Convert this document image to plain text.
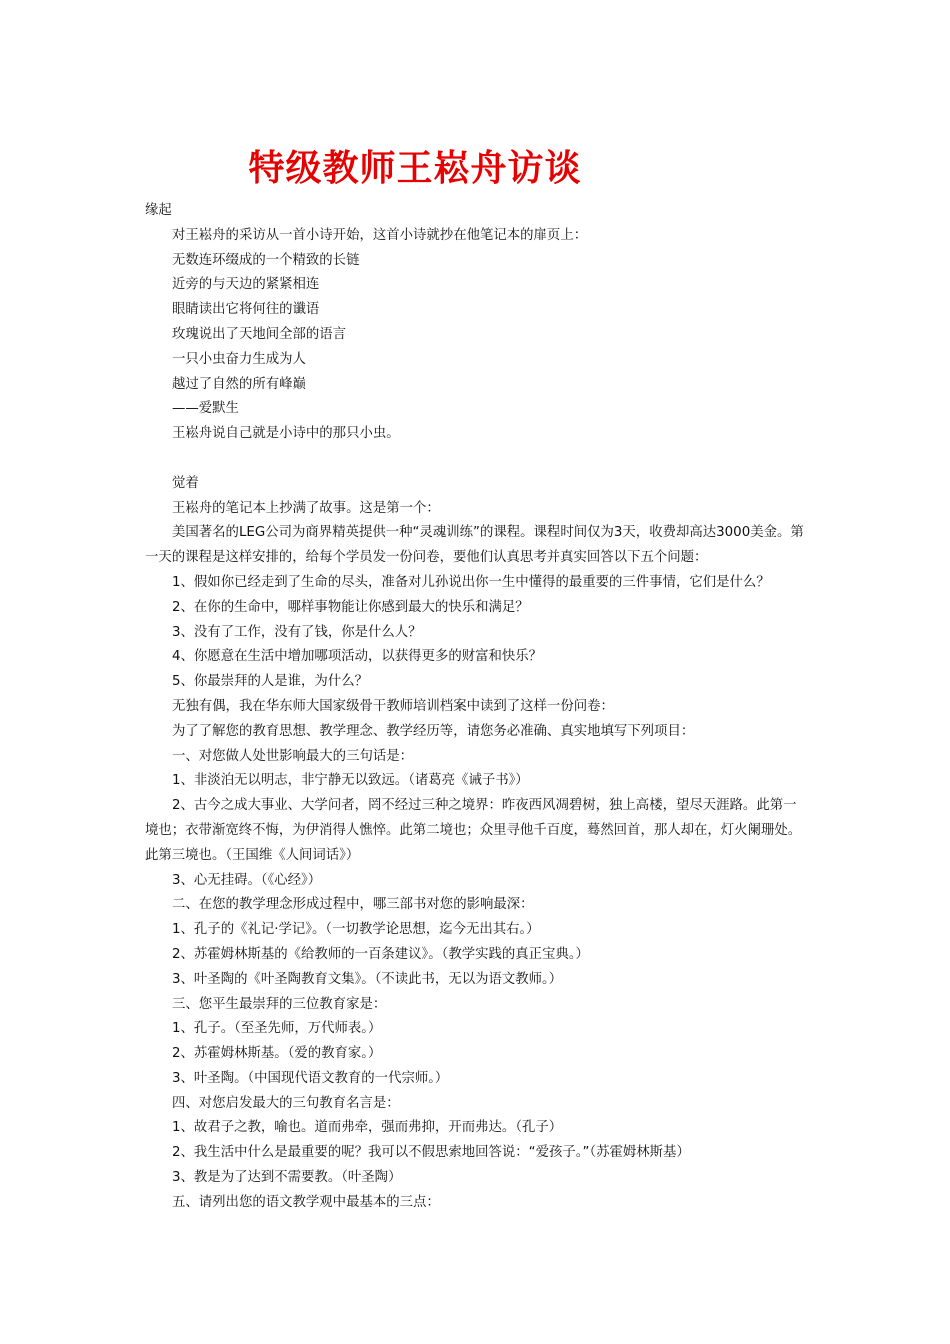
特级教师王崧舟访谈

缘起

对王崧舟的采访从一首小诗开始，这首小诗就抄在他笔记本的扉页上：

无数连环缀成的一个精致的长链

近旁的与天边的紧紧相连

眼睛读出它将何往的谶语

玫瑰说出了天地间全部的语言

一只小虫奋力生成为人

越过了自然的所有峰巅

——爱默生

王崧舟说自己就是小诗中的那只小虫。

觉着

王崧舟的笔记本上抄满了故事。这是第一个：

美国著名的LEG公司为商界精英提供一种“灵魂训练”的课程。课程时间仅为3天，收费却高达3000美金。第一天的课程是这样安排的，给每个学员发一份问卷，要他们认真思考并真实回答以下五个问题：

1、假如你已经走到了生命的尽头，准备对儿孙说出你一生中懂得的最重要的三件事情，它们是什么？

2、在你的生命中，哪样事物能让你感到最大的快乐和满足？

3、没有了工作，没有了钱，你是什么人？

4、你愿意在生活中增加哪项活动，以获得更多的财富和快乐？

5、你最崇拜的人是谁，为什么？

无独有偶，我在华东师大国家级骨干教师培训档案中读到了这样一份问卷：

为了了解您的教育思想、教学理念、教学经历等，请您务必准确、真实地填写下列项目：

一、对您做人处世影响最大的三句话是：

1、非淡泊无以明志，非宁静无以致远。（诸葛亮《诫子书》）

2、古今之成大事业、大学问者，罔不经过三种之境界：昨夜西风凋碧树，独上高楼，望尽天涯路。此第一境也；衣带渐宽终不悔，为伊消得人憔悴。此第二境也；众里寻他千百度，蓦然回首，那人却在，灯火阑珊处。此第三境也。（王国维《人间词话》）

3、心无挂碍。（《心经》）

二、在您的教学理念形成过程中，哪三部书对您的影响最深：

1、孔子的《礼记·学记》。（一切教学论思想，迄今无出其右。）

2、苏霍姆林斯基的《给教师的一百条建议》。（教学实践的真正宝典。）

3、叶圣陶的《叶圣陶教育文集》。（不读此书，无以为语文教师。）

三、您平生最崇拜的三位教育家是：

1、孔子。（至圣先师，万代师表。）

2、苏霍姆林斯基。（爱的教育家。）

3、叶圣陶。（中国现代语文教育的一代宗师。）

四、对您启发最大的三句教育名言是：

1、故君子之教，喻也。道而弗牵，强而弗抑，开而弗达。（孔子）

2、我生活中什么是最重要的呢？我可以不假思索地回答说：“爱孩子。”（苏霍姆林斯基）

3、教是为了达到不需要教。（叶圣陶）

五、请列出您的语文教学观中最基本的三点：
